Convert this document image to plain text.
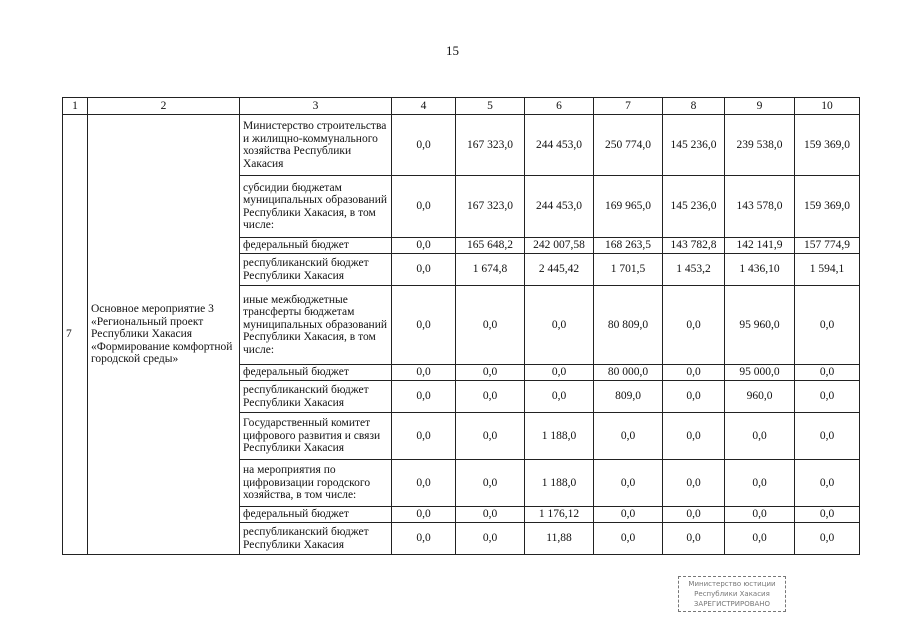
15
1	2	3	4	5	6	7	8	9	10
7	Основное мероприятие 3 «Региональный проект Республики Хакасия «Формирование комфортной городской среды»	Министерство строительства и жилищно-коммунального хозяйства Республики Хакасия	0,0	167 323,0	244 453,0	250 774,0	145 236,0	239 538,0	159 369,0
		субсидии бюджетам муниципальных образований Республики Хакасия, в том числе:	0,0	167 323,0	244 453,0	169 965,0	145 236,0	143 578,0	159 369,0
		федеральный бюджет	0,0	165 648,2	242 007,58	168 263,5	143 782,8	142 141,9	157 774,9
		республиканский бюджет Республики Хакасия	0,0	1 674,8	2 445,42	1 701,5	1 453,2	1 436,10	1 594,1
		иные межбюджетные трансферты бюджетам муниципальных образований Республики Хакасия, в том числе:	0,0	0,0	0,0	80 809,0	0,0	95 960,0	0,0
		федеральный бюджет	0,0	0,0	0,0	80 000,0	0,0	95 000,0	0,0
		республиканский бюджет Республики Хакасия	0,0	0,0	0,0	809,0	0,0	960,0	0,0
		Государственный комитет цифрового развития и связи Республики Хакасия	0,0	0,0	1 188,0	0,0	0,0	0,0	0,0
		на мероприятия по цифровизации городского хозяйства, в том числе:	0,0	0,0	1 188,0	0,0	0,0	0,0	0,0
		федеральный бюджет	0,0	0,0	1 176,12	0,0	0,0	0,0	0,0
		республиканский бюджет Республики Хакасия	0,0	0,0	11,88	0,0	0,0	0,0	0,0
Министерство юстиции
Республики Хакасия
ЗАРЕГИСТРИРОВАНО
